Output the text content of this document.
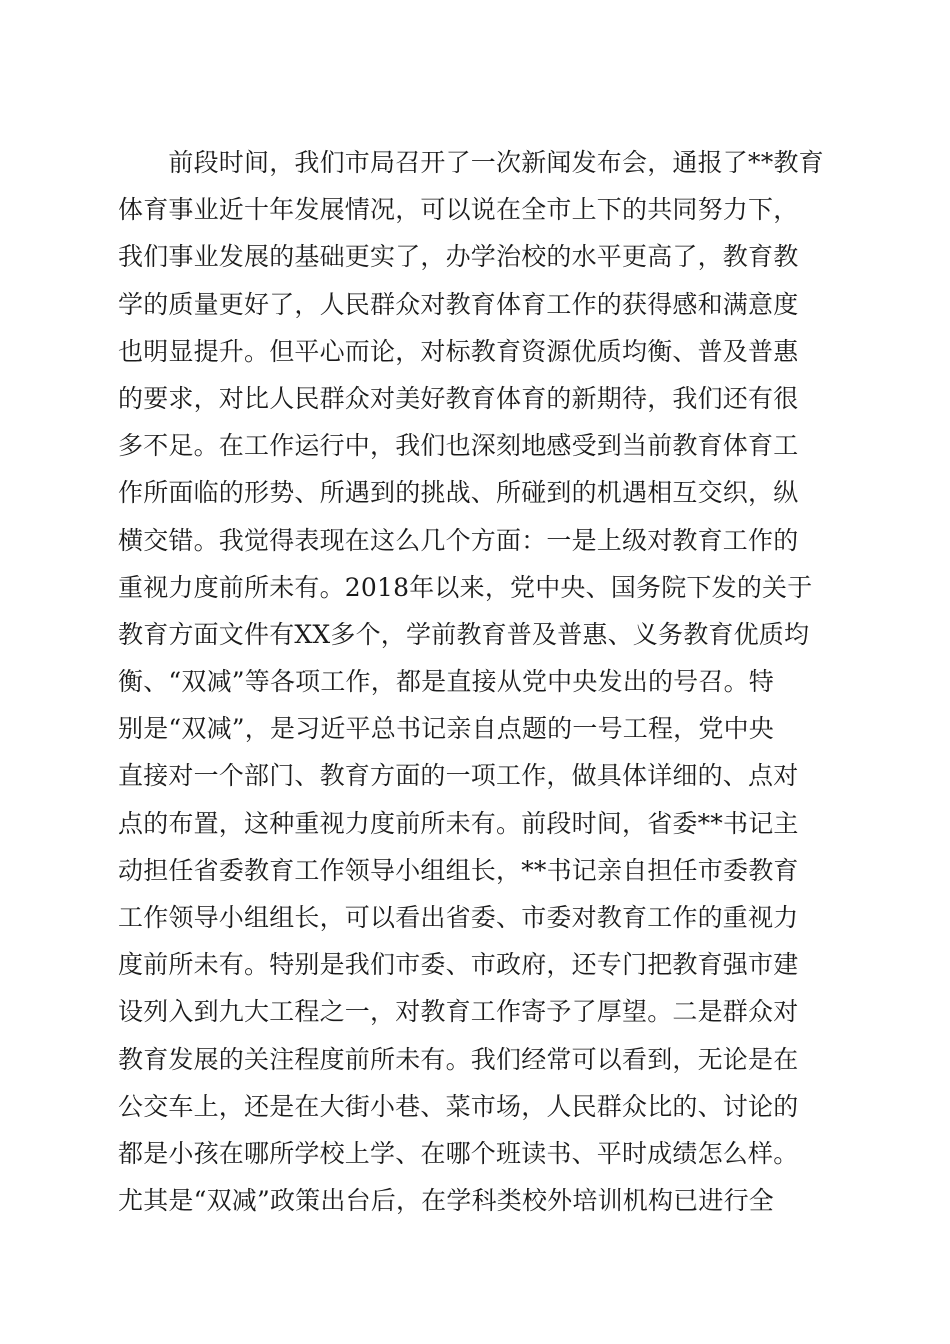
　　前段时间，我们市局召开了一次新闻发布会，通报了**教育
体育事业近十年发展情况，可以说在全市上下的共同努力下，
我们事业发展的基础更实了，办学治校的水平更高了，教育教
学的质量更好了，人民群众对教育体育工作的获得感和满意度
也明显提升。但平心而论，对标教育资源优质均衡、普及普惠
的要求，对比人民群众对美好教育体育的新期待，我们还有很
多不足。在工作运行中，我们也深刻地感受到当前教育体育工
作所面临的形势、所遇到的挑战、所碰到的机遇相互交织，纵
横交错。我觉得表现在这么几个方面：一是上级对教育工作的
重视力度前所未有。2018年以来，党中央、国务院下发的关于
教育方面文件有XX多个，学前教育普及普惠、义务教育优质均
衡、“双减”等各项工作，都是直接从党中央发出的号召。特
别是“双减”，是习近平总书记亲自点题的一号工程，党中央
直接对一个部门、教育方面的一项工作，做具体详细的、点对
点的布置，这种重视力度前所未有。前段时间，省委**书记主
动担任省委教育工作领导小组组长，**书记亲自担任市委教育
工作领导小组组长，可以看出省委、市委对教育工作的重视力
度前所未有。特别是我们市委、市政府，还专门把教育强市建
设列入到九大工程之一，对教育工作寄予了厚望。二是群众对
教育发展的关注程度前所未有。我们经常可以看到，无论是在
公交车上，还是在大街小巷、菜市场，人民群众比的、讨论的
都是小孩在哪所学校上学、在哪个班读书、平时成绩怎么样。
尤其是“双减”政策出台后，在学科类校外培训机构已进行全
